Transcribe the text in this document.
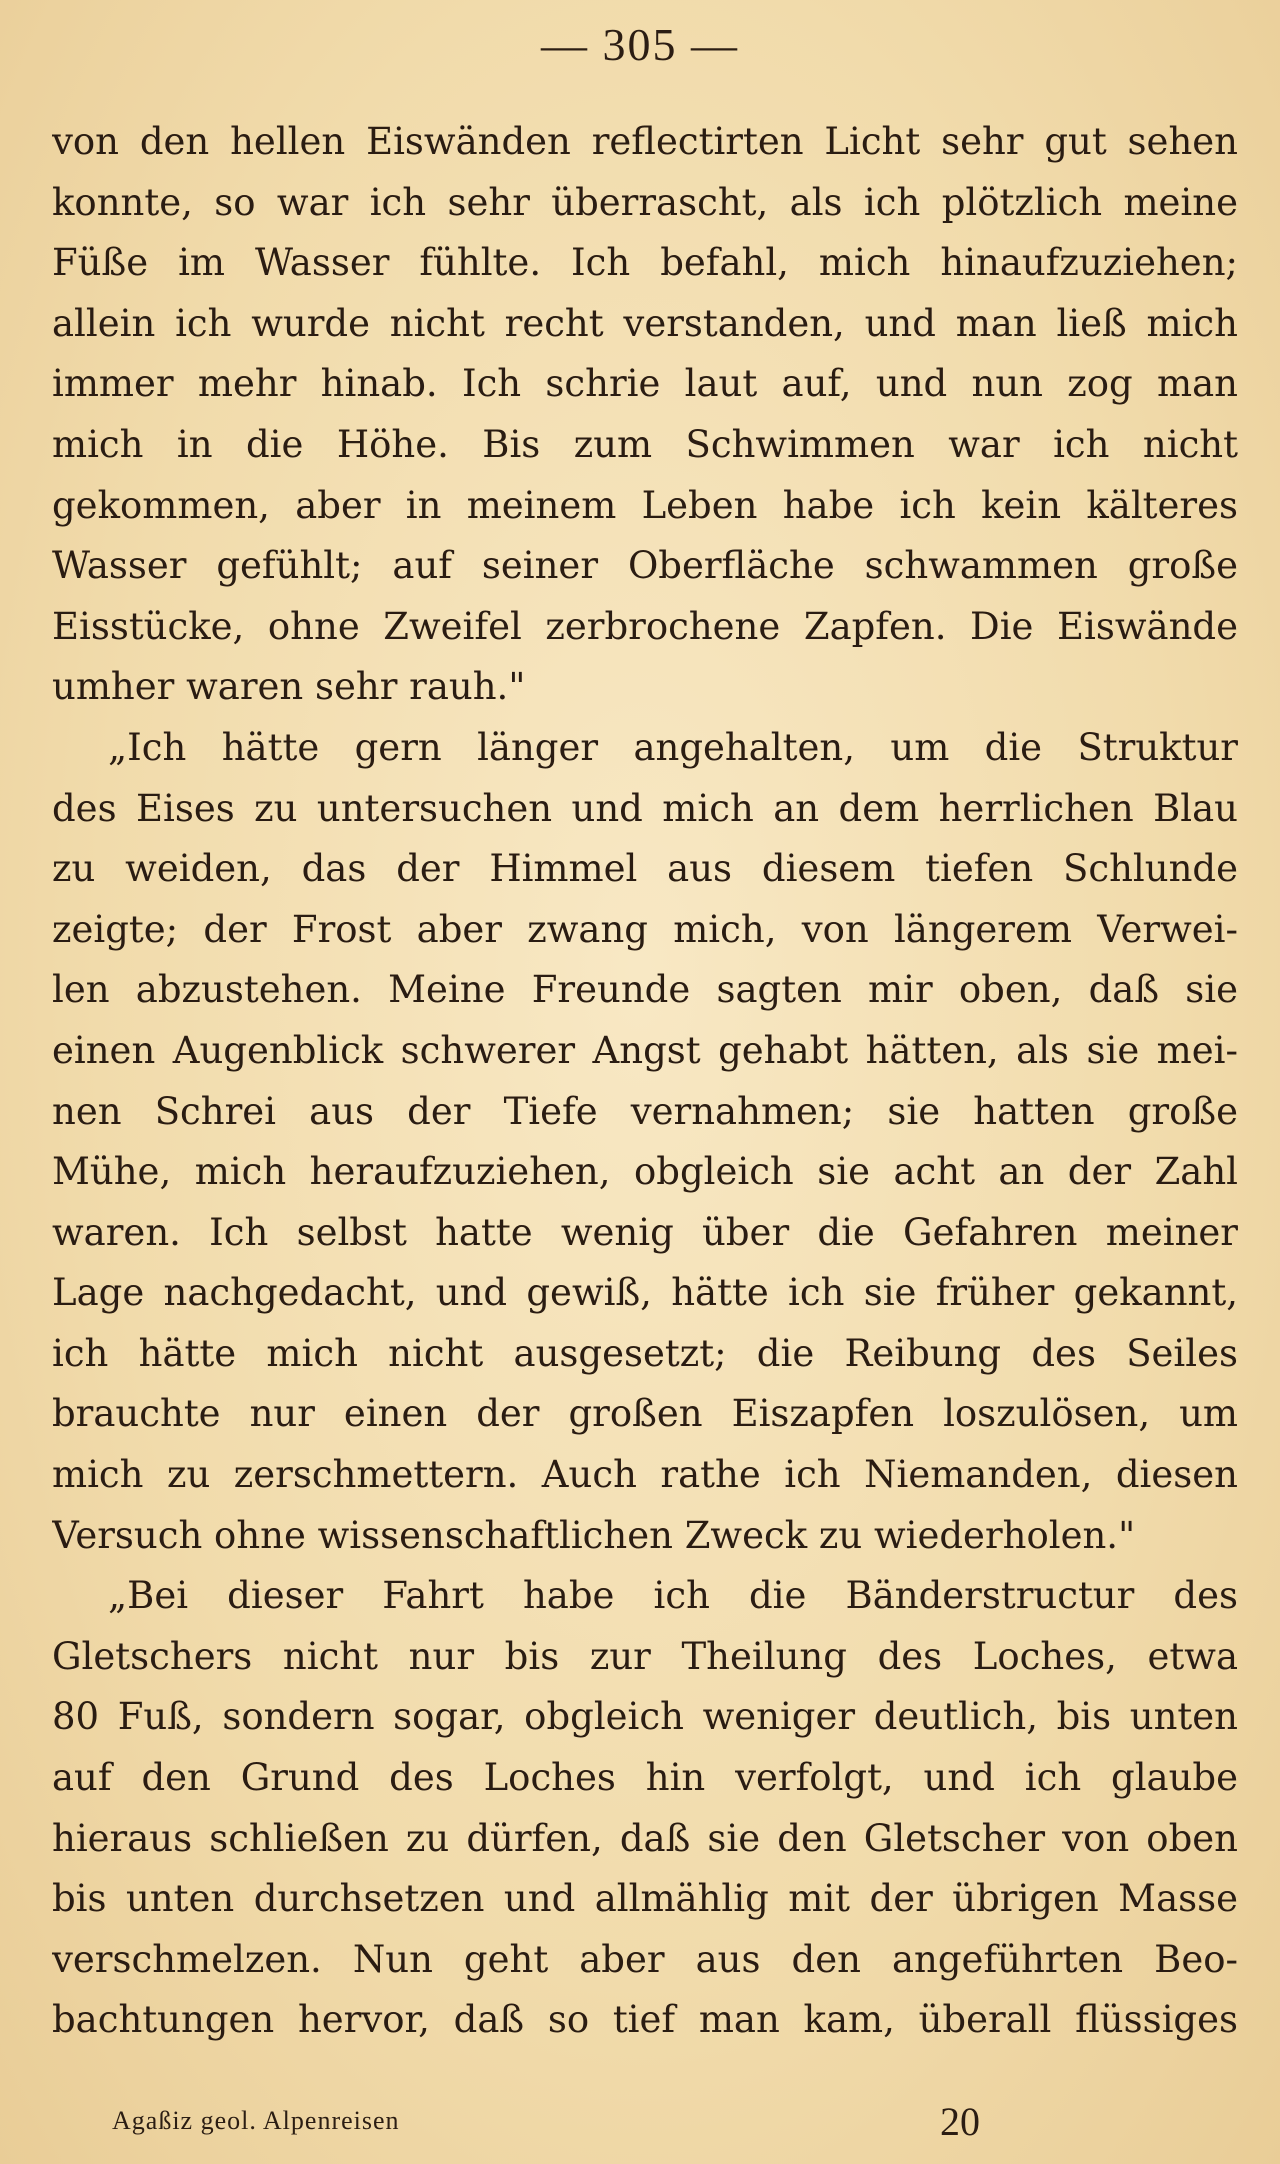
— 305 —
von den hellen Eiswänden reflectirten Licht sehr gut sehen
konnte, so war ich sehr überrascht, als ich plötzlich meine
Füße im Wasser fühlte. Ich befahl, mich hinaufzuziehen;
allein ich wurde nicht recht verstanden, und man ließ mich
immer mehr hinab. Ich schrie laut auf, und nun zog man
mich in die Höhe. Bis zum Schwimmen war ich nicht
gekommen, aber in meinem Leben habe ich kein kälteres
Wasser gefühlt; auf seiner Oberfläche schwammen große
Eisstücke, ohne Zweifel zerbrochene Zapfen. Die Eiswände
umher waren sehr rauh."
„Ich hätte gern länger angehalten, um die Struktur
des Eises zu untersuchen und mich an dem herrlichen Blau
zu weiden, das der Himmel aus diesem tiefen Schlunde
zeigte; der Frost aber zwang mich, von längerem Verwei-
len abzustehen. Meine Freunde sagten mir oben, daß sie
einen Augenblick schwerer Angst gehabt hätten, als sie mei-
nen Schrei aus der Tiefe vernahmen; sie hatten große
Mühe, mich heraufzuziehen, obgleich sie acht an der Zahl
waren. Ich selbst hatte wenig über die Gefahren meiner
Lage nachgedacht, und gewiß, hätte ich sie früher gekannt,
ich hätte mich nicht ausgesetzt; die Reibung des Seiles
brauchte nur einen der großen Eiszapfen loszulösen, um
mich zu zerschmettern. Auch rathe ich Niemanden, diesen
Versuch ohne wissenschaftlichen Zweck zu wiederholen."
„Bei dieser Fahrt habe ich die Bänderstructur des
Gletschers nicht nur bis zur Theilung des Loches, etwa
80 Fuß, sondern sogar, obgleich weniger deutlich, bis unten
auf den Grund des Loches hin verfolgt, und ich glaube
hieraus schließen zu dürfen, daß sie den Gletscher von oben
bis unten durchsetzen und allmählig mit der übrigen Masse
verschmelzen. Nun geht aber aus den angeführten Beo-
bachtungen hervor, daß so tief man kam, überall flüssiges
Agaßiz geol. Alpenreisen	20
